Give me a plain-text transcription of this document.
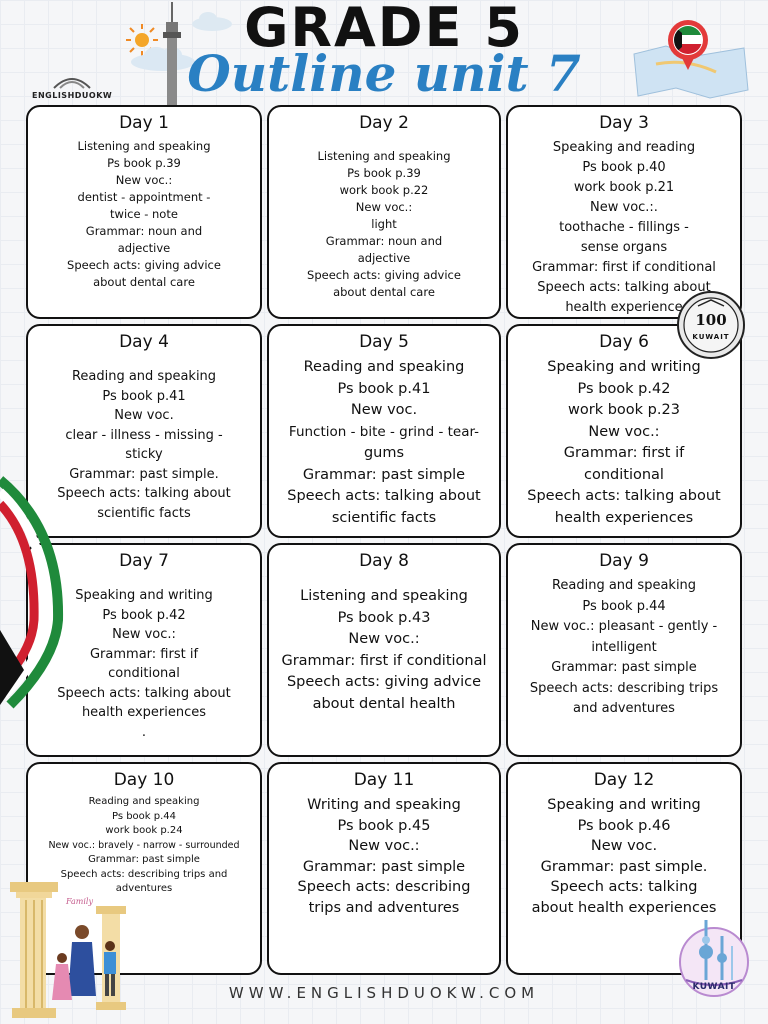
ENGLISHDUOKW
GRADE 5
Outline unit 7
Day 1
Listening and speaking
Ps book p.39
New voc.:
dentist - appointment -
twice - note
Grammar: noun and
adjective
Speech acts: giving advice
about dental care
Day 2
Listening and speaking
Ps book p.39
work book p.22
New voc.:
light
Grammar: noun and
adjective
Speech acts: giving advice
about dental care
Day 3
Speaking and reading
Ps book p.40
work book p.21
New voc.:.
toothache - fillings -
sense organs
Grammar: first if conditional
Speech acts: talking about
health experience
Day 4
Reading and speaking
Ps book p.41
New voc.
clear - illness - missing -
sticky
Grammar: past simple.
Speech acts: talking about
scientific facts
Day 5
Reading and speaking
Ps book p.41
New voc.
Function - bite - grind - tear-
gums
Grammar: past simple
Speech acts: talking about
scientific facts
Day 6
Speaking and writing
Ps book p.42
work book p.23
New voc.:
Grammar: first if
conditional
Speech acts: talking about
health experiences
Day 7
Speaking and writing
Ps book p.42
New voc.:
Grammar: first if
conditional
Speech acts: talking about
health experiences
.
Day 8
Listening and speaking
Ps book p.43
New voc.:
Grammar: first if conditional
Speech acts: giving advice
about dental health
Day 9
Reading and speaking
Ps book p.44
New voc.: pleasant - gently -
intelligent
Grammar: past simple
Speech acts: describing trips
and adventures
Day 10
Reading and speaking
Ps book p.44
work book p.24
New voc.: bravely - narrow - surrounded
Grammar: past simple
Speech acts: describing trips and
adventures
Day 11
Writing and speaking
Ps book p.45
New voc.:
Grammar: past simple
Speech acts: describing
trips and adventures
Day 12
Speaking and writing
Ps book p.46
New voc.
Grammar: past simple.
Speech acts: talking
about health experiences
100
KUWAIT
Family
KUWAIT
WWW.ENGLISHDUOKW.COM
